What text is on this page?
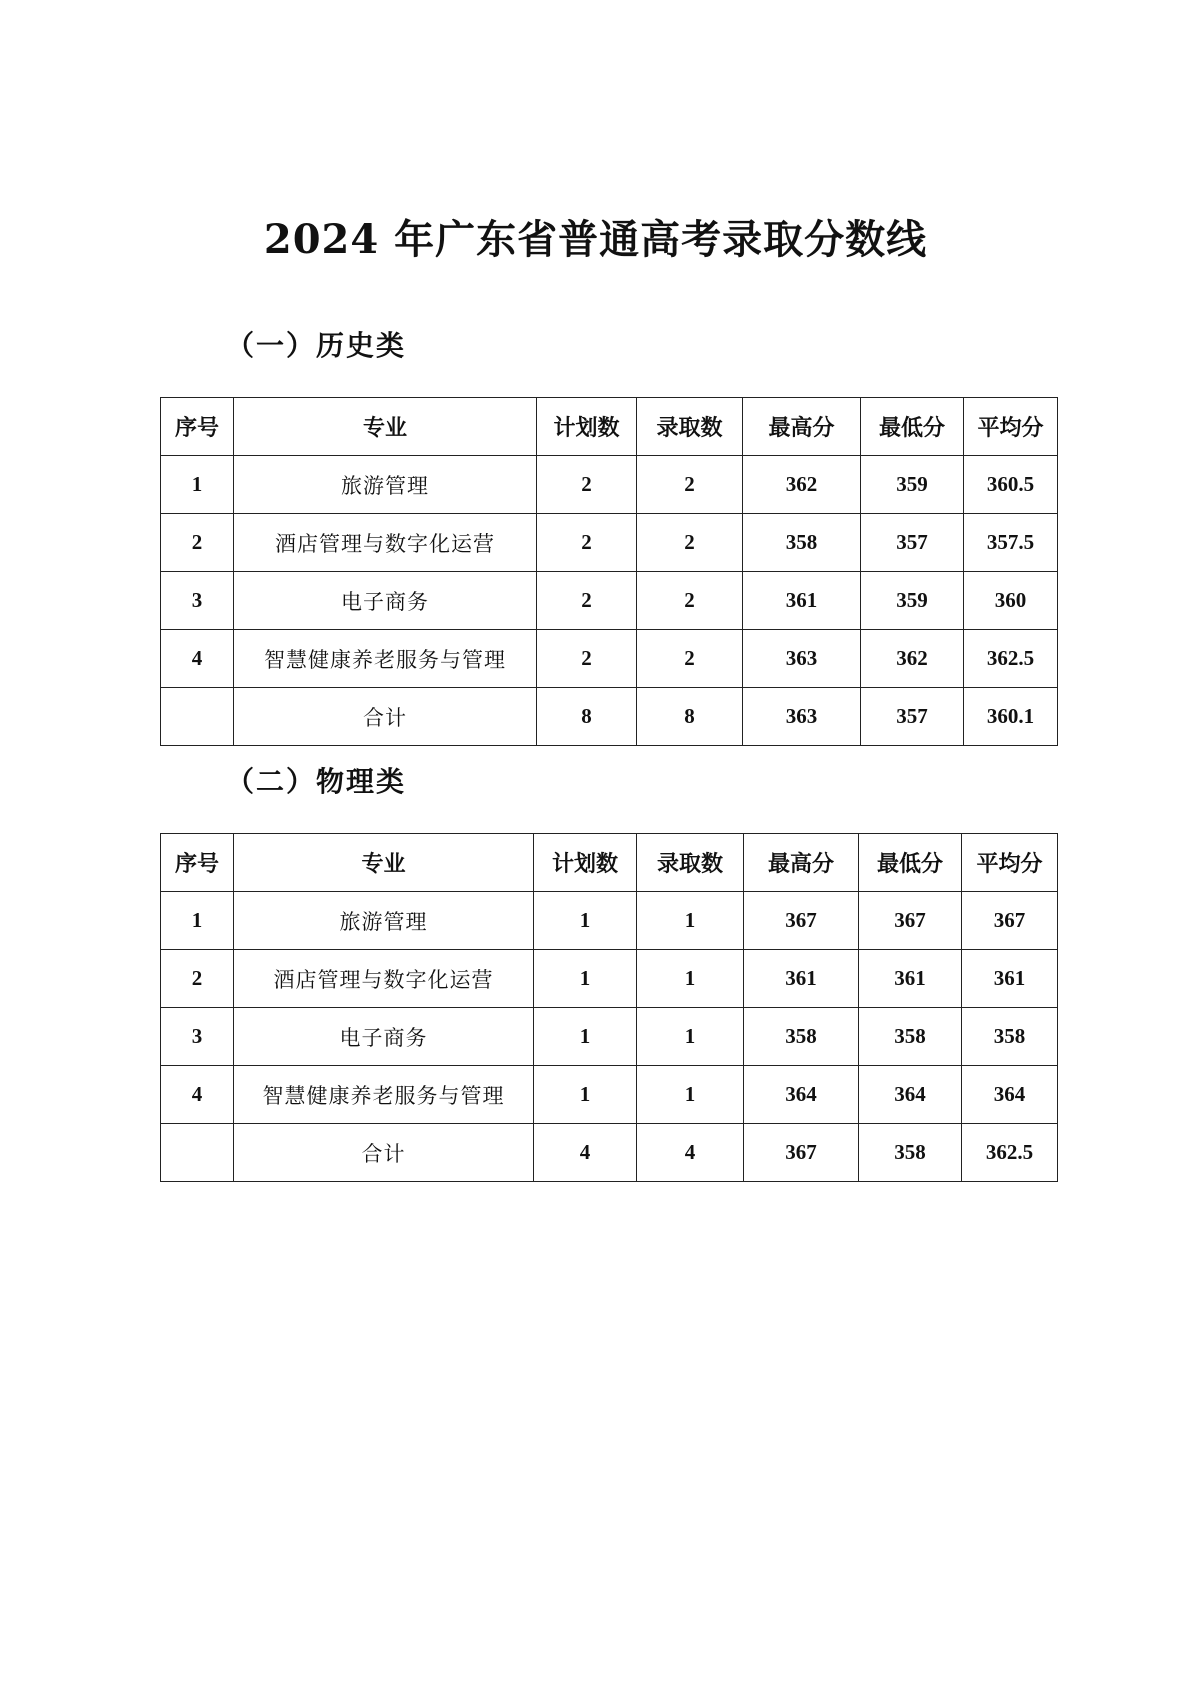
2024 年广东省普通高考录取分数线
（一）历史类
序号	专业	计划数	录取数	最高分	最低分	平均分
1	旅游管理	2	2	362	359	360.5
2	酒店管理与数字化运营	2	2	358	357	357.5
3	电子商务	2	2	361	359	360
4	智慧健康养老服务与管理	2	2	363	362	362.5
	合计	8	8	363	357	360.1
（二）物理类
序号	专业	计划数	录取数	最高分	最低分	平均分
1	旅游管理	1	1	367	367	367
2	酒店管理与数字化运营	1	1	361	361	361
3	电子商务	1	1	358	358	358
4	智慧健康养老服务与管理	1	1	364	364	364
	合计	4	4	367	358	362.5
